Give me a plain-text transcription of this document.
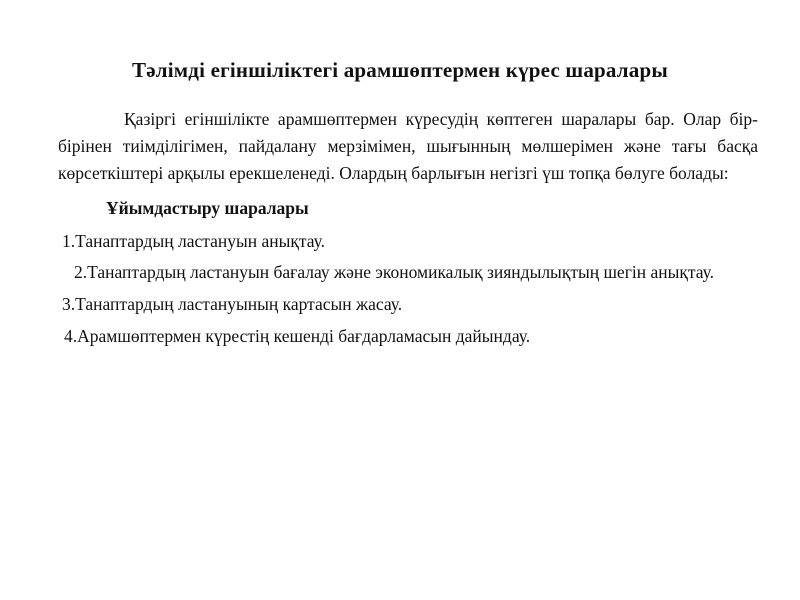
Тәлімді егіншіліктегі арамшөптермен күрес шаралары

Қазіргі егіншілікте арамшөптермен күресудің көптеген шаралары бар. Олар бір-бірінен тиімділігімен, пайдалану мерзімімен, шығынның мөлшерімен және тағы басқа көрсеткіштері арқылы ерекшеленеді. Олардың барлығын негізгі үш топқа бөлуге болады:

Ұйымдастыру шаралары

1.Танаптардың ластануын анықтау.

2.Танаптардың ластануын бағалау және экономикалық зияндылықтың шегін анықтау.

3.Танаптардың ластануының картасын жасау.

4.Арамшөптермен күрестің кешенді бағдарламасын дайындау.
